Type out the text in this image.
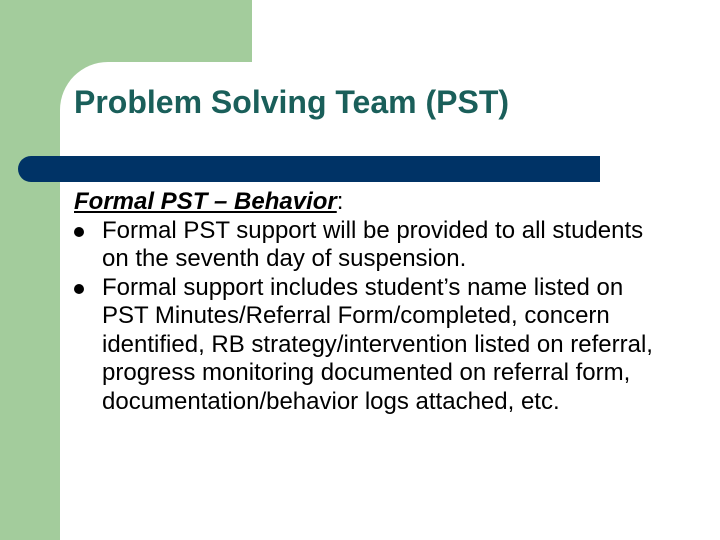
Problem Solving Team (PST)

Formal PST – Behavior:

Formal PST support will be provided to all students on the seventh day of suspension.
Formal support includes student’s name listed on PST Minutes/Referral Form/completed, concern identified, RB strategy/intervention listed on referral, progress monitoring documented on referral form, documentation/behavior logs attached, etc.
